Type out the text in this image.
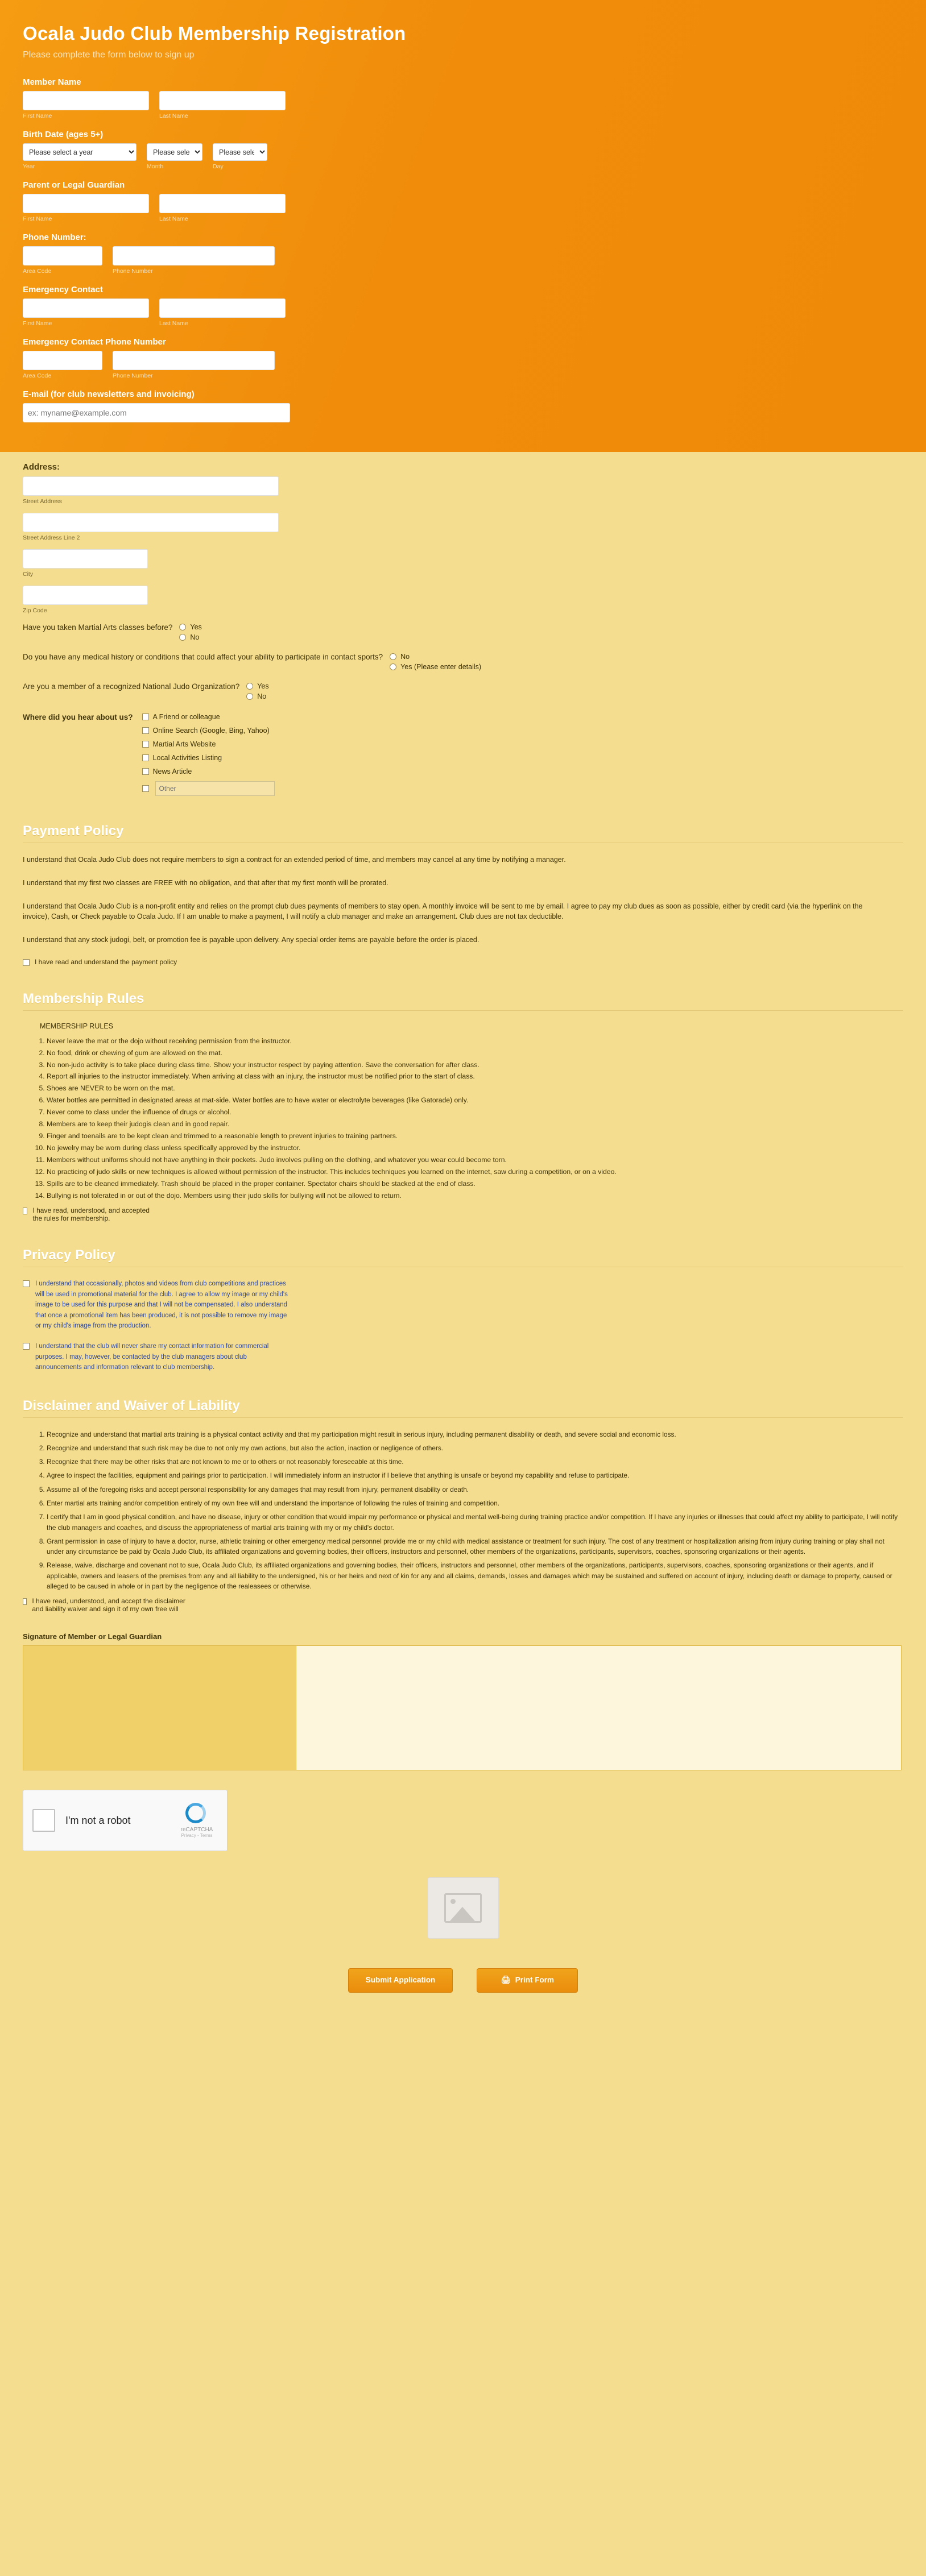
Ocala Judo Club Membership Registration

Please complete the form below to sign up

Member Name
First Name	Last Name
Birth Date (ages 5+)
Please select a year
Year
Please sele	Month
Please sele	Day
Parent or Legal Guardian
First Name	Last Name
Phone Number:
Area Code	Phone Number
Emergency Contact
First Name	Last Name
Emergency Contact Phone Number
Area Code	Phone Number
E-mail (for club newsletters and invoicing)
ex: myname@example.com
Address:
Street Address
Street Address Line 2
City
Zip Code
Have you taken Martial Arts classes before? Yes
No
Do you have any medical history or conditions that could affect your ability to participate in contact sports? No
Yes (Please enter details)
Are you a member of a recognized National Judo Organization? Yes
No
Where did you hear about us?	A Friend or colleague
Online Search (Google, Bing, Yahoo)
Martial Arts Website
Local Activities Listing
News Article
Other
Payment Policy

I understand that Ocala Judo Club does not require members to sign a contract for an extended period of time, and members may cancel at any time by notifying a manager.

I understand that my first two classes are FREE with no obligation, and that after that my first month will be prorated.

I understand that Ocala Judo Club is a non-profit entity and relies on the prompt club dues payments of members to stay open. A monthly invoice will be sent to me by email. I agree to pay my club dues as soon as possible, either by credit card (via the hyperlink on the invoice), Cash, or Check payable to Ocala Judo. If I am unable to make a payment, I will notify a club manager and make an arrangement. Club dues are not tax deductible.

I understand that any stock judogi, belt, or promotion fee is payable upon delivery. Any special order items are payable before the order is placed.

I have read and understand the payment policy
Membership Rules
MEMBERSHIP RULES
1. Never leave the mat or the dojo without receiving permission from the instructor.
2. No food, drink or chewing of gum are allowed on the mat.
3. No non-judo activity is to take place during class time. Show your instructor respect by paying attention. Save the conversation for after class.
4. Report all injuries to the instructor immediately. When arriving at class with an injury, the instructor must be notified prior to the start of class.
5. Shoes are NEVER to be worn on the mat.
6. Water bottles are permitted in designated areas at mat-side. Water bottles are to have water or electrolyte beverages (like Gatorade) only.
7. Never come to class under the influence of drugs or alcohol.
8. Members are to keep their judogis clean and in good repair.
9. Finger and toenails are to be kept clean and trimmed to a reasonable length to prevent injuries to training partners.
10. No jewelry may be worn during class unless specifically approved by the instructor.
11. Members without uniforms should not have anything in their pockets. Judo involves pulling on the clothing, and whatever you wear could become torn.
12. No practicing of judo skills or new techniques is allowed without permission of the instructor. This includes techniques you learned on the internet, saw during a competition, or on a video.
13. Spills are to be cleaned immediately. Trash should be placed in the proper container. Spectator chairs should be stacked at the end of class.
14. Bullying is not tolerated in or out of the dojo. Members using their judo skills for bullying will not be allowed to return.
I have read, understood, and accepted the rules for membership.
Privacy Policy
I understand that occasionally, photos and videos from club competitions and practices will be used in promotional material for the club. I agree to allow my image or my child's image to be used for this purpose and that I will not be compensated. I also understand that once a promotional item has been produced, it is not possible to remove my image or my child's image from the production.
I understand that the club will never share my contact information for commercial purposes. I may, however, be contacted by the club managers about club announcements and information relevant to club membership.
Disclaimer and Waiver of Liability
1. Recognize and understand that martial arts training is a physical contact activity and that my participation might result in serious injury, including permanent disability or death, and severe social and economic loss.
2. Recognize and understand that such risk may be due to not only my own actions, but also the action, inaction or negligence of others.
3. Recognize that there may be other risks that are not known to me or to others or not reasonably foreseeable at this time.
4. Agree to inspect the facilities, equipment and pairings prior to participation. I will immediately inform an instructor if I believe that anything is unsafe or beyond my capability and refuse to participate.
5. Assume all of the foregoing risks and accept personal responsibility for any damages that may result from injury, permanent disability or death.
6. Enter martial arts training and/or competition entirely of my own free will and understand the importance of following the rules of training and competition.
7. I certify that I am in good physical condition, and have no disease, injury or other condition that would impair my performance or physical and mental well-being during training practice and/or competition. If I have any injuries or illnesses that could affect my ability to participate, I will notify the club managers and coaches, and discuss the appropriateness of martial arts training with my or my child's doctor.
8. Grant permission in case of injury to have a doctor, nurse, athletic training or other emergency medical personnel provide me or my child with medical assistance or treatment for such injury. The cost of any treatment or hospitalization arising from injury during training or play shall not under any circumstance be paid by Ocala Judo Club, its affiliated organizations and governing bodies, their officers, instructors and personnel, other members of the organizations, participants, supervisors, coaches, sponsoring organizations or their agents.
9. Release, waive, discharge and covenant not to sue, Ocala Judo Club, its affiliated organizations and governing bodies, their officers, instructors and personnel, other members of the organizations, participants, supervisors, coaches, sponsoring organizations or their agents, and if applicable, owners and leasers of the premises from any and all liability to the undersigned, his or her heirs and next of kin for any and all claims, demands, losses and damages which may be sustained and suffered on account of injury, including death or damage to property, caused or alleged to be caused in whole or in part by the negligence of the realeasees or otherwise.
I have read, understood, and accept the disclaimer and liability waiver and sign it of my own free will
Signature of Member or Legal Guardian
I'm not a robot
reCAPTCHA
Privacy - Terms
Submit Application	🖨 Print Form
